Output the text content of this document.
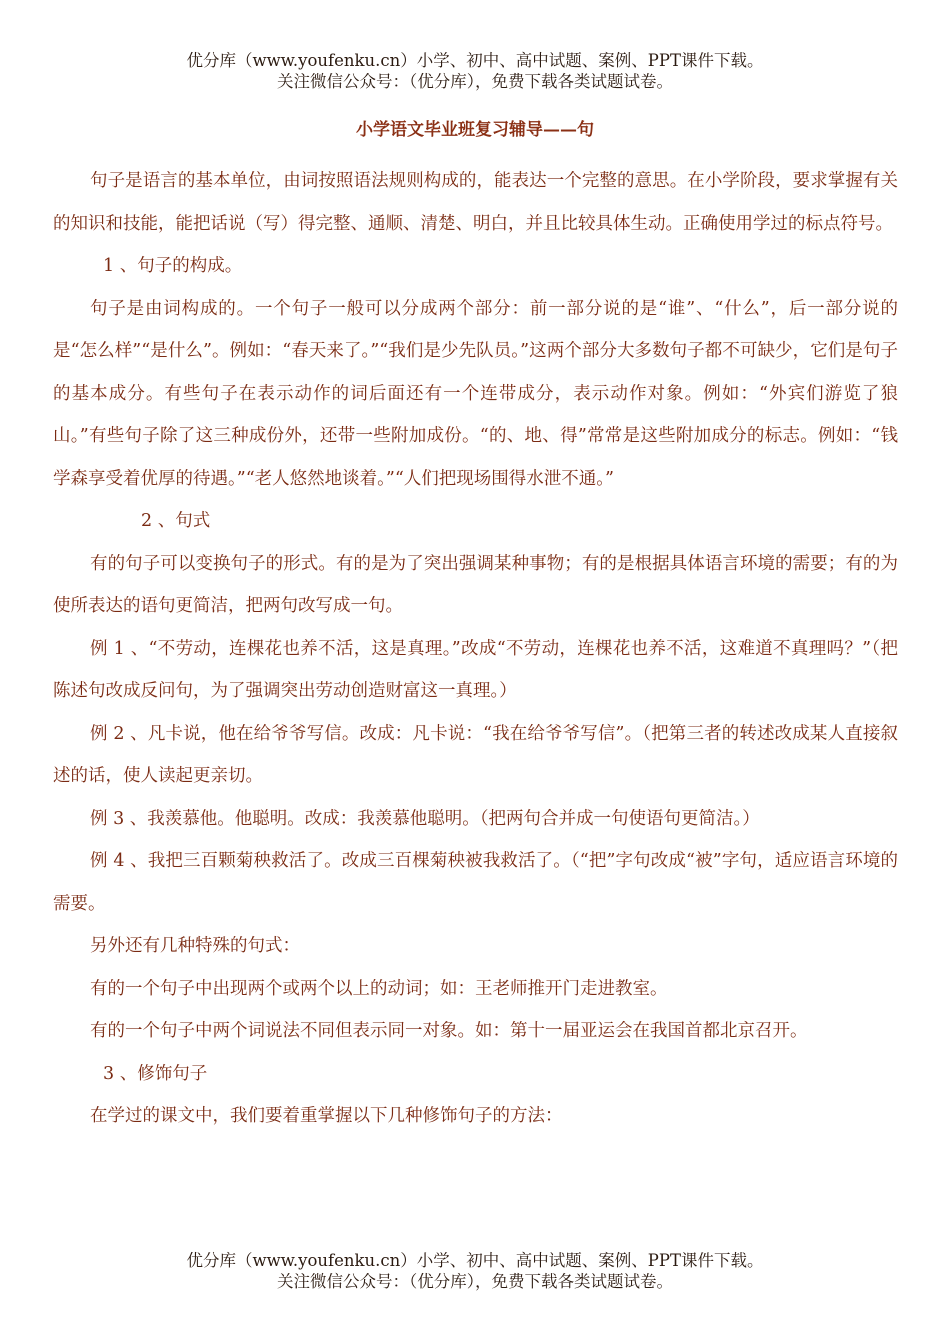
优分库（www.youfenku.cn）小学、初中、高中试题、案例、PPT课件下载。
关注微信公众号：（优分库），免费下载各类试题试卷。
小学语文毕业班复习辅导——句

句子是语言的基本单位，由词按照语法规则构成的，能表达一个完整的意思。在小学阶段，要求掌握有关的知识和技能，能把话说（写）得完整、通顺、清楚、明白，并且比较具体生动。正确使用学过的标点符号。

1 、句子的构成。

句子是由词构成的。一个句子一般可以分成两个部分：前一部分说的是“谁”、“什么”，后一部分说的是“怎么样”“是什么”。例如：“春天来了。”“我们是少先队员。”这两个部分大多数句子都不可缺少，它们是句子的基本成分。有些句子在表示动作的词后面还有一个连带成分，表示动作对象。例如：“外宾们游览了狼山。”有些句子除了这三种成份外，还带一些附加成份。“的、地、得”常常是这些附加成分的标志。例如：“钱学森享受着优厚的待遇。”“老人悠然地谈着。”“人们把现场围得水泄不通。”

2 、句式

有的句子可以变换句子的形式。有的是为了突出强调某种事物；有的是根据具体语言环境的需要；有的为使所表达的语句更简洁，把两句改写成一句。

例 1 、“不劳动，连棵花也养不活，这是真理。”改成“不劳动，连棵花也养不活，这难道不真理吗？”（把陈述句改成反问句，为了强调突出劳动创造财富这一真理。）

例 2 、凡卡说，他在给爷爷写信。改成：凡卡说：“我在给爷爷写信”。（把第三者的转述改成某人直接叙述的话，使人读起更亲切。

例 3 、我羡慕他。他聪明。改成：我羡慕他聪明。（把两句合并成一句使语句更简洁。）

例 4 、我把三百颗菊秧救活了。改成三百棵菊秧被我救活了。（“把”字句改成“被”字句，适应语言环境的需要。

另外还有几种特殊的句式：

有的一个句子中出现两个或两个以上的动词；如：王老师推开门走进教室。

有的一个句子中两个词说法不同但表示同一对象。如：第十一届亚运会在我国首都北京召开。

3 、修饰句子

在学过的课文中，我们要着重掌握以下几种修饰句子的方法：

优分库（www.youfenku.cn）小学、初中、高中试题、案例、PPT课件下载。
关注微信公众号：（优分库），免费下载各类试题试卷。
